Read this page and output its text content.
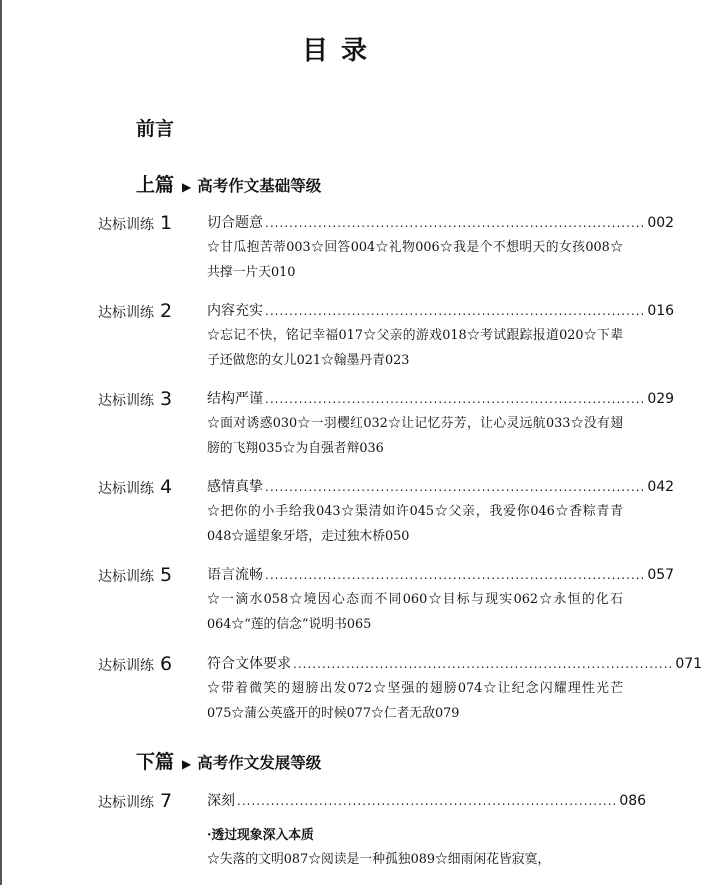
目 录
前言
上篇 ▶ 高考作文基础等级
达标训练 1 切合题意 ............................................................................... 002
☆甘瓜抱苦蒂003☆回答004☆礼物006☆我是个不想明天的女孩008☆共撑一片天010
达标训练 2 内容充实 ............................................................................... 016
☆忘记不快，铭记幸福017☆父亲的游戏018☆考试跟踪报道020☆下辈子还做您的女儿021☆翰墨丹青023
达标训练 3 结构严谨 ............................................................................... 029
☆面对诱惑030☆一羽樱红032☆让记忆芬芳，让心灵远航033☆没有翅膀的飞翔035☆为自强者辩036
达标训练 4 感情真挚 ............................................................................... 042
☆把你的小手给我043☆渠清如许045☆父亲，我爱你046☆香粽青青048☆遥望象牙塔，走过独木桥050
达标训练 5 语言流畅 ............................................................................... 057
☆一滴水058☆境因心态而不同060☆目标与现实062☆永恒的化石064☆“莲的信念”说明书065
达标训练 6 符合文体要求 ............................................................................... 071
☆带着微笑的翅膀出发072☆坚强的翅膀074☆让纪念闪耀理性光芒075☆蒲公英盛开的时候077☆仁者无敌079
下篇 ▶ 高考作文发展等级
达标训练 7 深刻 ............................................................................... 086
·透过现象深入本质
☆失落的文明087☆阅读是一种孤独089☆细雨闲花皆寂寞，
